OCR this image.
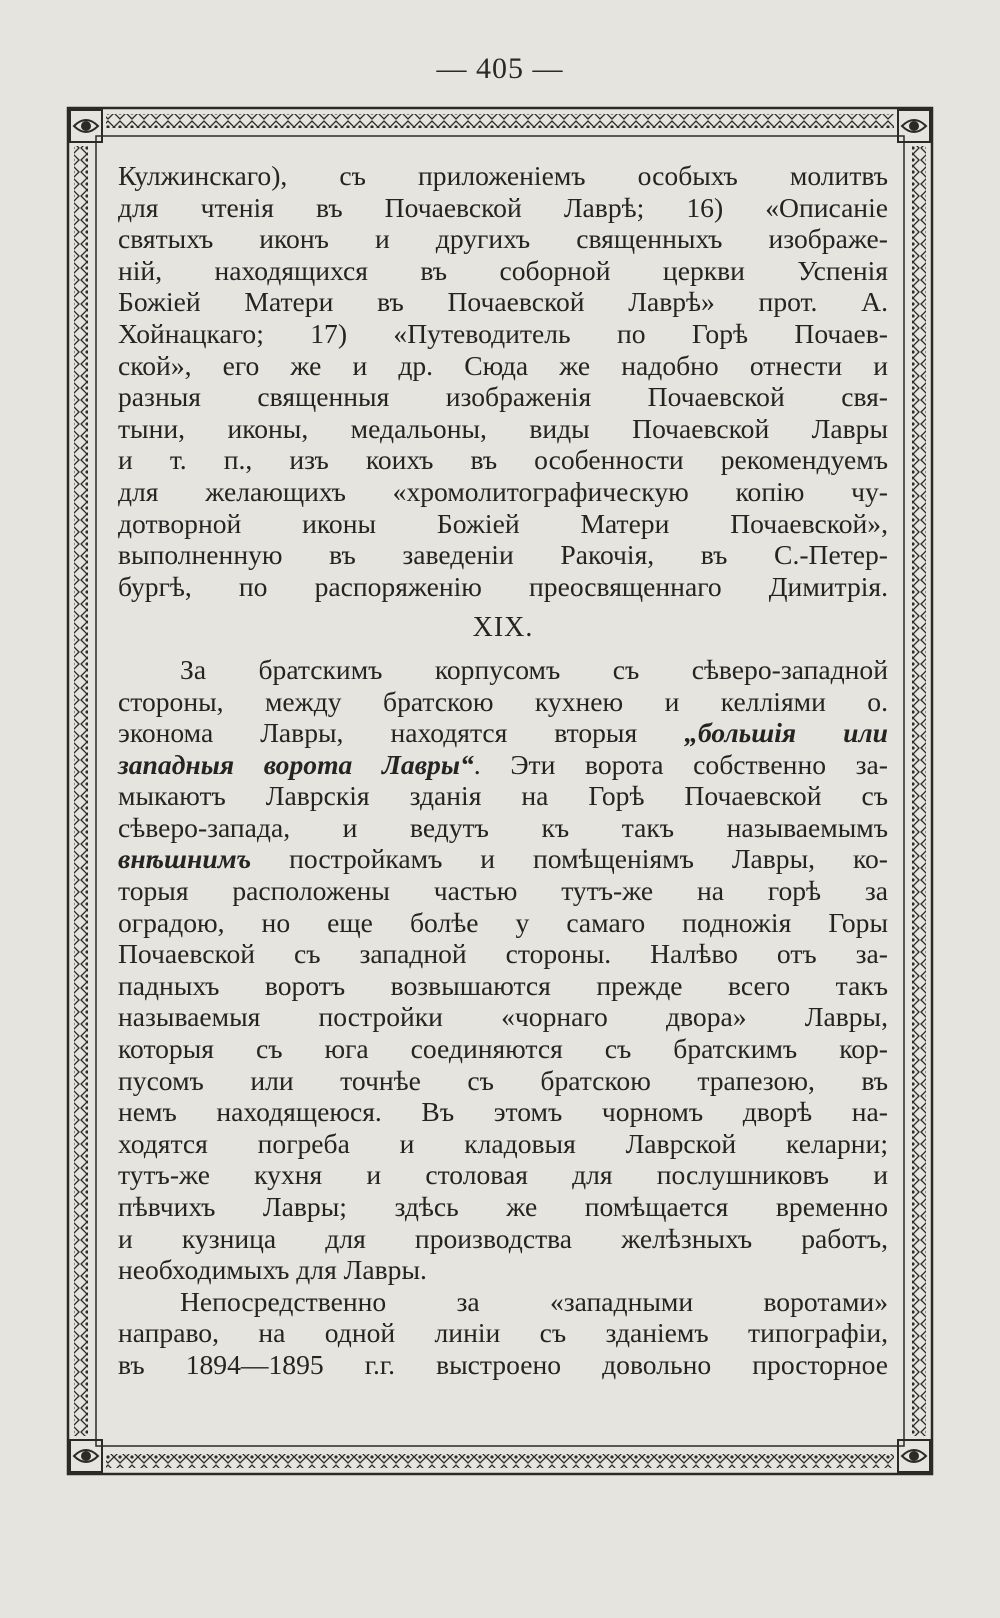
— 405 —
Кулжинскаго), съ приложеніемъ особыхъ молитвъ
для чтенія въ Почаевской Лаврѣ; 16) «Описаніе
святыхъ иконъ и другихъ священныхъ изображе-
ній, находящихся въ соборной церкви Успенія
Божіей Матери въ Почаевской Лаврѣ» прот. А.
Хойнацкаго; 17) «Путеводитель по Горѣ Почаев-
ской», его же и др. Сюда же надобно отнести и
разныя священныя изображенія Почаевской свя-
тыни, иконы, медальоны, виды Почаевской Лавры
и т. п., изъ коихъ въ особенности рекомендуемъ
для желающихъ «хромолитографическую копію чу-
дотворной иконы Божіей Матери Почаевской»,
выполненную въ заведеніи Ракочія, въ С.-Петер-
бургѣ, по распоряженію преосвященнаго Димитрія.
XIX.
За братскимъ корпусомъ съ сѣверо-западной
стороны, между братскою кухнею и келліями о.
эконома Лавры, находятся вторыя „большія или
западныя ворота Лавры“. Эти ворота собственно за-
мыкаютъ Лаврскія зданія на Горѣ Почаевской съ
сѣверо-запада, и ведутъ къ такъ называемымъ
внѣшнимъ постройкамъ и помѣщеніямъ Лавры, ко-
торыя расположены частью тутъ-же на горѣ за
оградою, но еще болѣе у самаго подножія Горы
Почаевской съ западной стороны. Налѣво отъ за-
падныхъ воротъ возвышаются прежде всего такъ
называемыя постройки «чорнаго двора» Лавры,
которыя съ юга соединяются съ братскимъ кор-
пусомъ или точнѣе съ братскою трапезою, въ
немъ находящеюся. Въ этомъ чорномъ дворѣ на-
ходятся погреба и кладовыя Лаврской келарни;
тутъ-же кухня и столовая для послушниковъ и
пѣвчихъ Лавры; здѣсь же помѣщается временно
и кузница для производства желѣзныхъ работъ,
необходимыхъ для Лавры.
Непосредственно за «западными воротами»
направо, на одной линіи съ зданіемъ типографіи,
въ 1894—1895 г.г. выстроено довольно просторное
